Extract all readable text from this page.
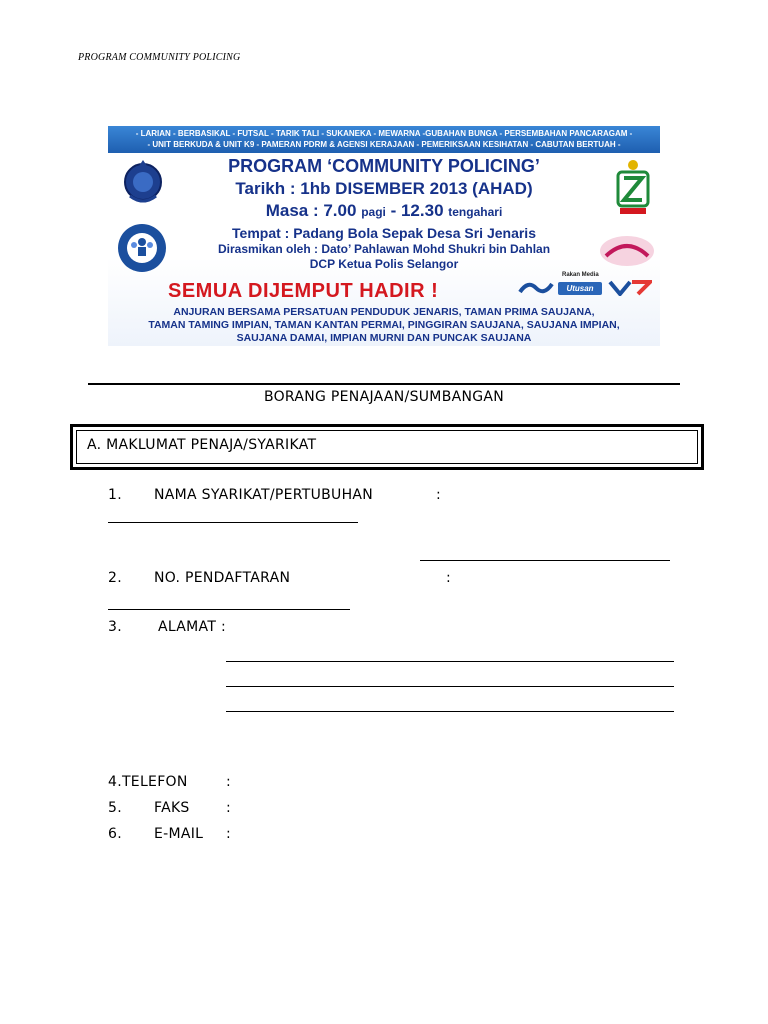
PROGRAM COMMUNITY POLICING
- LARIAN - BERBASIKAL - FUTSAL - TARIK TALI - SUKANEKA - MEWARNA -GUBAHAN BUNGA - PERSEMBAHAN PANCARAGAM -
- UNIT BERKUDA & UNIT K9 - PAMERAN PDRM & AGENSI KERAJAAN - PEMERIKSAAN KESIHATAN - CABUTAN BERTUAH -
PROGRAM ‘COMMUNITY POLICING’
Tarikh : 1hb DISEMBER 2013 (AHAD)
Masa : 7.00 pagi - 12.30 tengahari
Tempat : Padang Bola Sepak Desa Sri Jenaris
Dirasmikan oleh : Dato’ Pahlawan Mohd Shukri bin Dahlan
DCP Ketua Polis Selangor
SEMUA DIJEMPUT HADIR !
Rakan Media
Utusan
ANJURAN BERSAMA PERSATUAN PENDUDUK JENARIS, TAMAN PRIMA SAUJANA,
TAMAN TAMING IMPIAN, TAMAN KANTAN PERMAI, PINGGIRAN SAUJANA, SAUJANA IMPIAN,
SAUJANA DAMAI, IMPIAN MURNI DAN PUNCAK SAUJANA
BORANG PENAJAAN/SUMBANGAN
A. MAKLUMAT PENAJA/SYARIKAT
1. NAMA SYARIKAT/PERTUBUHAN	:
2. NO. PENDAFTARAN	:
3.	ALAMAT :
4.TELEFON	:
5. FAKS	:
6. E-MAIL :
